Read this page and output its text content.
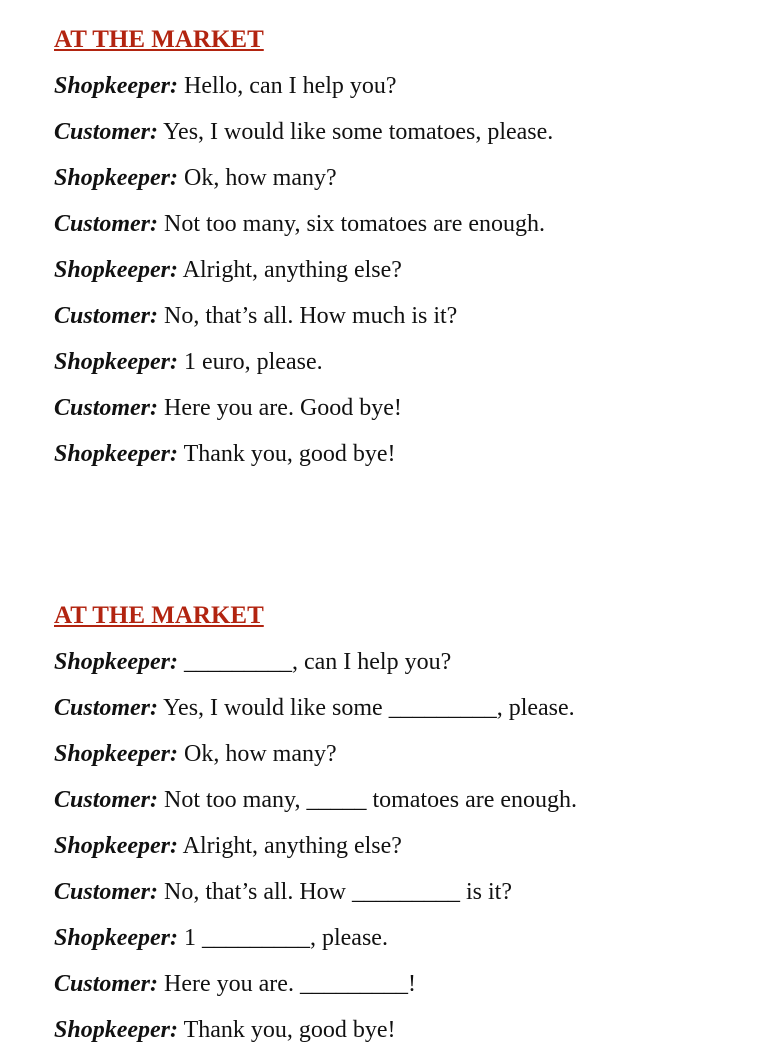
AT THE MARKET
Shopkeeper: Hello, can I help you?
Customer: Yes, I would like some tomatoes, please.
Shopkeeper: Ok, how many?
Customer: Not too many, six tomatoes are enough.
Shopkeeper: Alright, anything else?
Customer: No, that’s all. How much is it?
Shopkeeper: 1 euro, please.
Customer: Here you are. Good bye!
Shopkeeper: Thank you, good bye!
AT THE MARKET
Shopkeeper: _________, can I help you?
Customer: Yes, I would like some _________, please.
Shopkeeper: Ok, how many?
Customer: Not too many, _____ tomatoes are enough.
Shopkeeper: Alright, anything else?
Customer: No, that’s all. How _________ is it?
Shopkeeper: 1 _________, please.
Customer: Here you are. _________!
Shopkeeper: Thank you, good bye!
